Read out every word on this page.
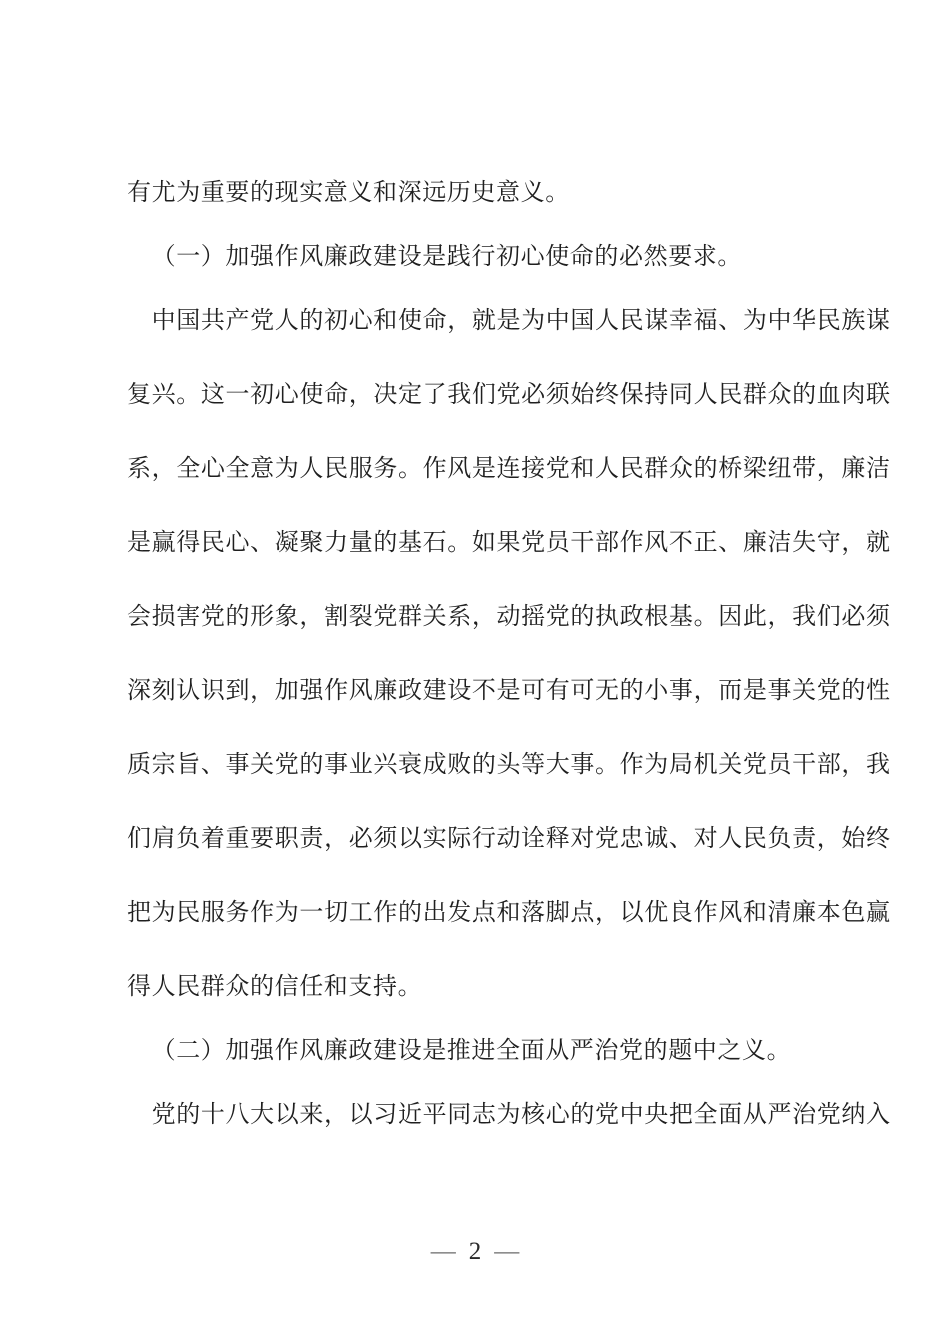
有尤为重要的现实意义和深远历史意义。
（一）加强作风廉政建设是践行初心使命的必然要求。
中国共产党人的初心和使命，就是为中国人民谋幸福、为中华民族谋
复兴。这一初心使命，决定了我们党必须始终保持同人民群众的血肉联
系，全心全意为人民服务。作风是连接党和人民群众的桥梁纽带，廉洁
是赢得民心、凝聚力量的基石。如果党员干部作风不正、廉洁失守，就
会损害党的形象，割裂党群关系，动摇党的执政根基。因此，我们必须
深刻认识到，加强作风廉政建设不是可有可无的小事，而是事关党的性
质宗旨、事关党的事业兴衰成败的头等大事。作为局机关党员干部，我
们肩负着重要职责，必须以实际行动诠释对党忠诚、对人民负责，始终
把为民服务作为一切工作的出发点和落脚点，以优良作风和清廉本色赢
得人民群众的信任和支持。
（二）加强作风廉政建设是推进全面从严治党的题中之义。
党的十八大以来，以习近平同志为核心的党中央把全面从严治党纳入
— 2 —
